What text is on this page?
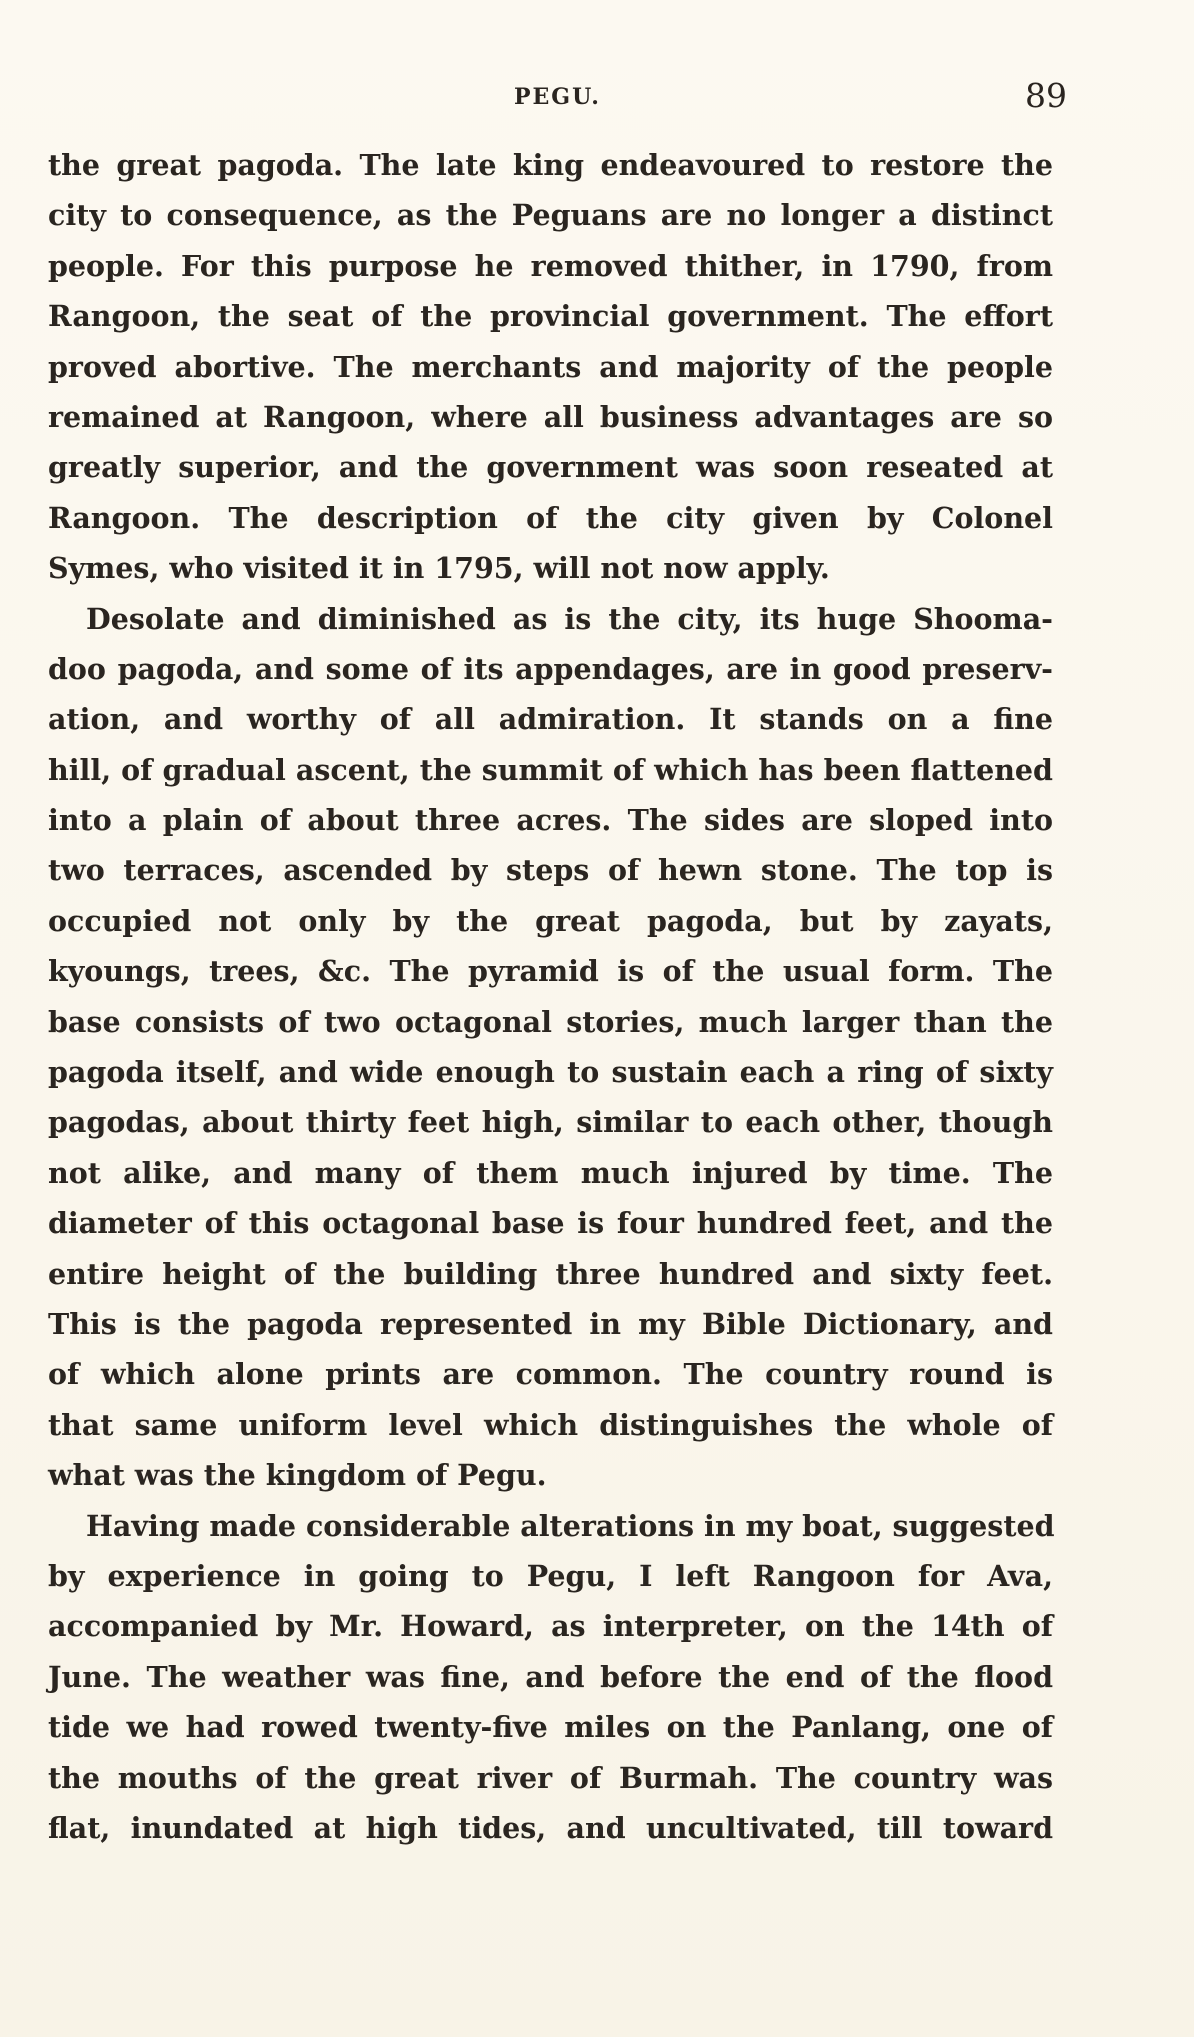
PEGU.	89
the great pagoda. The late king endeavoured to restore the
city to consequence, as the Peguans are no longer a distinct
people. For this purpose he removed thither, in 1790, from
Rangoon, the seat of the provincial government. The effort
proved abortive. The merchants and majority of the people
remained at Rangoon, where all business advantages are so
greatly superior, and the government was soon reseated at
Rangoon. The description of the city given by Colonel
Symes, who visited it in 1795, will not now apply.
Desolate and diminished as is the city, its huge Shooma-
doo pagoda, and some of its appendages, are in good preserv-
ation, and worthy of all admiration. It stands on a fine
hill, of gradual ascent, the summit of which has been flattened
into a plain of about three acres. The sides are sloped into
two terraces, ascended by steps of hewn stone. The top is
occupied not only by the great pagoda, but by zayats,
kyoungs, trees, &c. The pyramid is of the usual form. The
base consists of two octagonal stories, much larger than the
pagoda itself, and wide enough to sustain each a ring of sixty
pagodas, about thirty feet high, similar to each other, though
not alike, and many of them much injured by time. The
diameter of this octagonal base is four hundred feet, and the
entire height of the building three hundred and sixty feet.
This is the pagoda represented in my Bible Dictionary, and
of which alone prints are common. The country round is
that same uniform level which distinguishes the whole of
what was the kingdom of Pegu.
Having made considerable alterations in my boat, suggested
by experience in going to Pegu, I left Rangoon for Ava,
accompanied by Mr. Howard, as interpreter, on the 14th of
June. The weather was fine, and before the end of the flood
tide we had rowed twenty-five miles on the Panlang, one of
the mouths of the great river of Burmah. The country was
flat, inundated at high tides, and uncultivated, till toward
